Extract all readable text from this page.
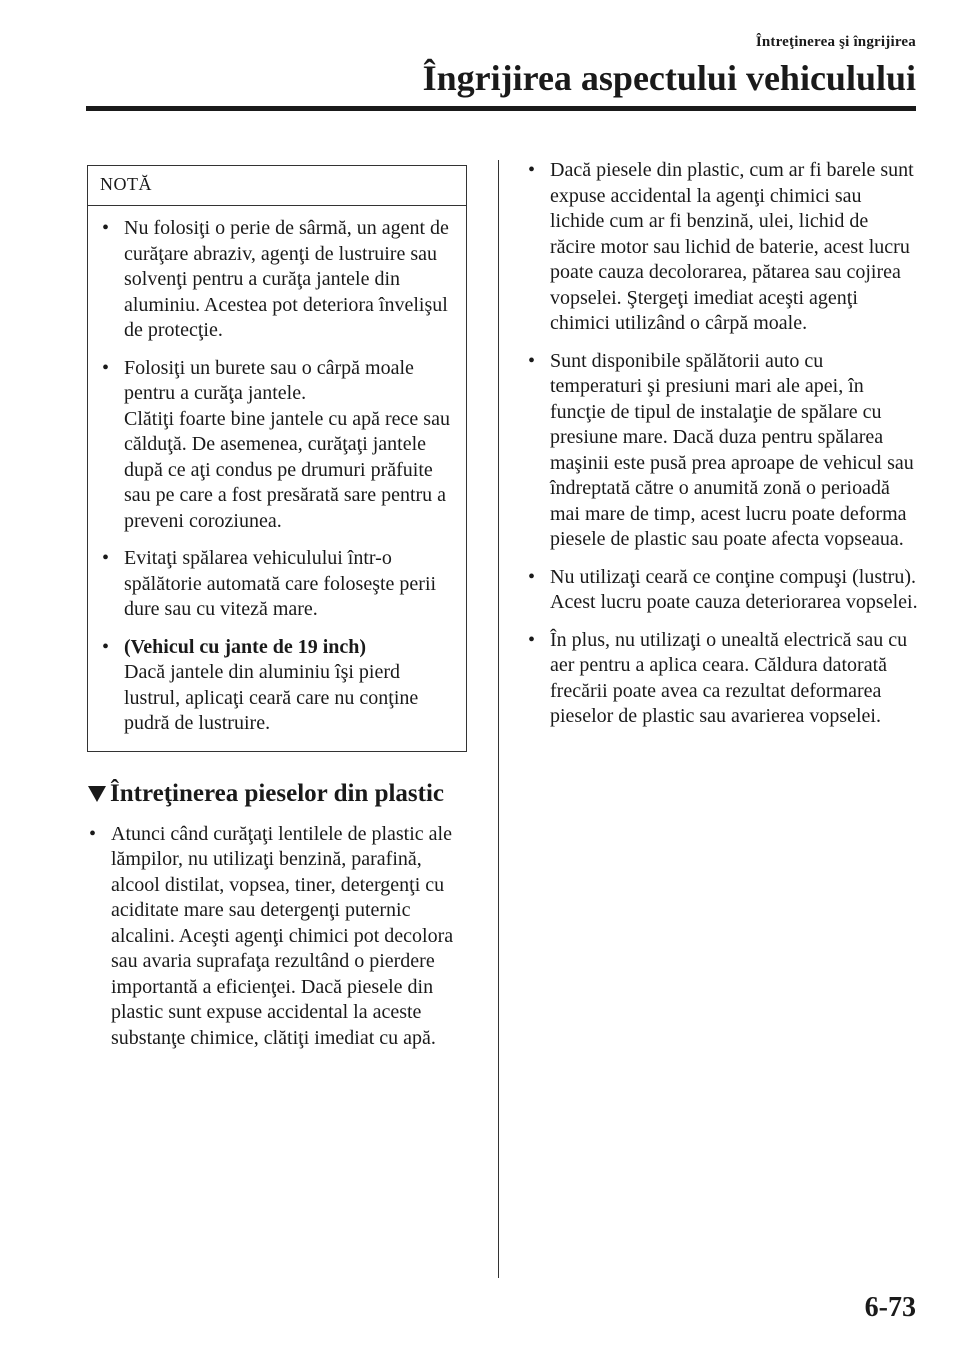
Întreţinerea şi îngrijirea
Îngrijirea aspectului vehiculului
NOTĂ
• Nu folosiţi o perie de sârmă, un agent de curăţare abraziv, agenţi de lustruire sau solvenţi pentru a curăţa jantele din aluminiu. Acestea pot deteriora învelişul de protecţie.
• Folosiţi un burete sau o cârpă moale pentru a curăţa jantele.
Clătiţi foarte bine jantele cu apă rece sau călduţă. De asemenea, curăţaţi jantele după ce aţi condus pe drumuri prăfuite sau pe care a fost presărată sare pentru a preveni coroziunea.
• Evitaţi spălarea vehiculului într-o spălătorie automată care foloseşte perii dure sau cu viteză mare.
• (Vehicul cu jante de 19 inch)
Dacă jantele din aluminiu îşi pierd lustrul, aplicaţi ceară care nu conţine pudră de lustruire.
Întreţinerea pieselor din plastic
• Atunci când curăţaţi lentilele de plastic ale lămpilor, nu utilizaţi benzină, parafină, alcool distilat, vopsea, tiner, detergenţi cu aciditate mare sau detergenţi puternic alcalini. Aceşti agenţi chimici pot decolora sau avaria suprafaţa rezultând o pierdere importantă a eficienţei. Dacă piesele din plastic sunt expuse accidental la aceste substanţe chimice, clătiţi imediat cu apă.
• Dacă piesele din plastic, cum ar fi barele sunt expuse accidental la agenţi chimici sau lichide cum ar fi benzină, ulei, lichid de răcire motor sau lichid de baterie, acest lucru poate cauza decolorarea, pătarea sau cojirea vopselei. Ştergeţi imediat aceşti agenţi chimici utilizând o cârpă moale.
• Sunt disponibile spălătorii auto cu temperaturi şi presiuni mari ale apei, în funcţie de tipul de instalaţie de spălare cu presiune mare. Dacă duza pentru spălarea maşinii este pusă prea aproape de vehicul sau îndreptată către o anumită zonă o perioadă mai mare de timp, acest lucru poate deforma piesele de plastic sau poate afecta vopseaua.
• Nu utilizaţi ceară ce conţine compuşi (lustru). Acest lucru poate cauza deteriorarea vopselei.
• În plus, nu utilizaţi o unealtă electrică sau cu aer pentru a aplica ceara. Căldura datorată frecării poate avea ca rezultat deformarea pieselor de plastic sau avarierea vopselei.
6-73
